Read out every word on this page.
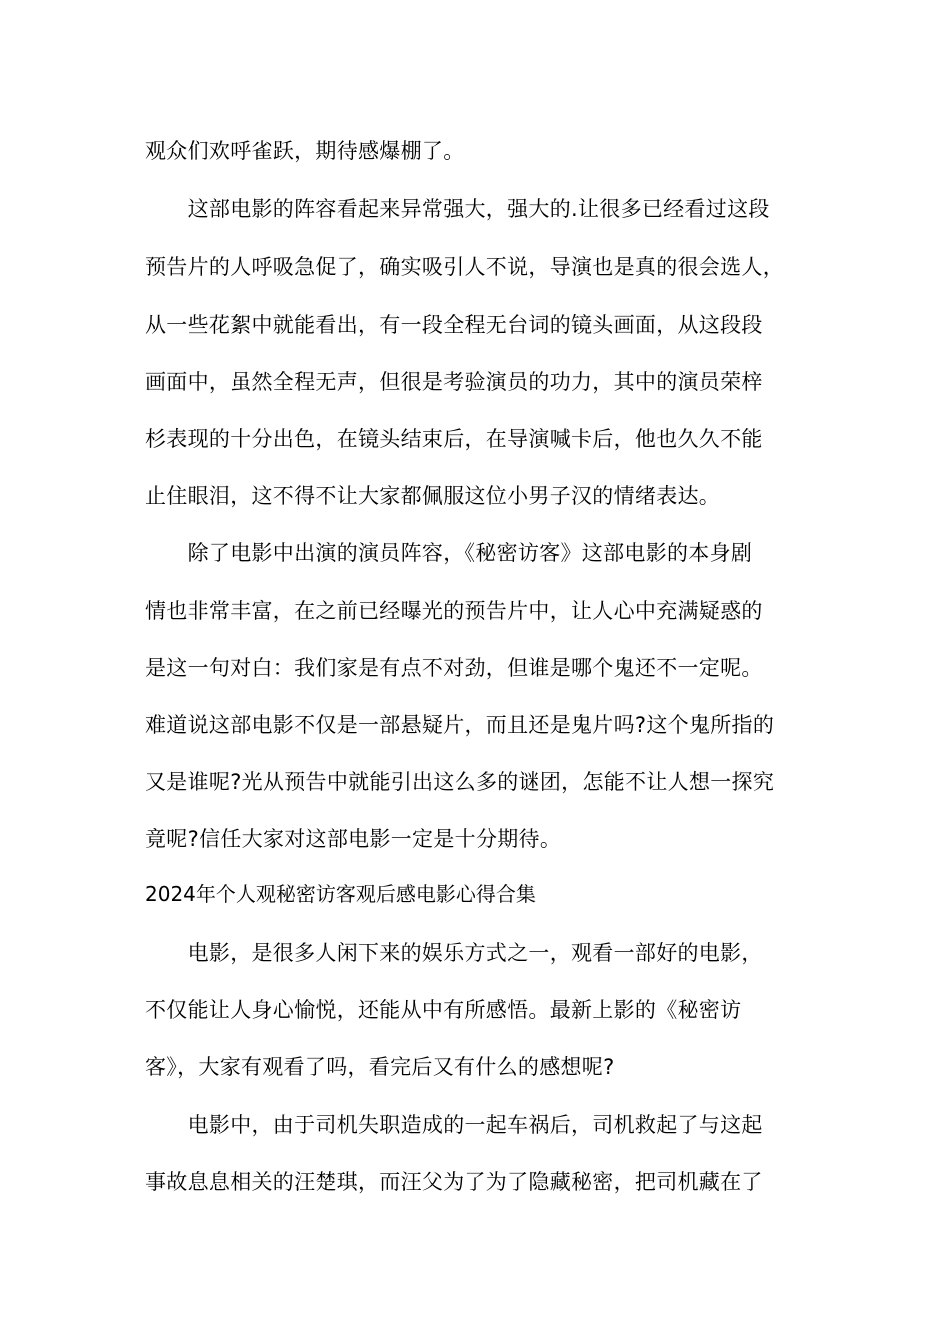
观众们欢呼雀跃，期待感爆棚了。
　　这部电影的阵容看起来异常强大，强大的.让很多已经看过这段
预告片的人呼吸急促了，确实吸引人不说，导演也是真的很会选人，
从一些花絮中就能看出，有一段全程无台词的镜头画面，从这段段
画面中，虽然全程无声，但很是考验演员的功力，其中的演员荣梓
杉表现的十分出色，在镜头结束后，在导演喊卡后，他也久久不能
止住眼泪，这不得不让大家都佩服这位小男子汉的情绪表达。
　　除了电影中出演的演员阵容，《秘密访客》这部电影的本身剧
情也非常丰富，在之前已经曝光的预告片中，让人心中充满疑惑的
是这一句对白：我们家是有点不对劲，但谁是哪个鬼还不一定呢。
难道说这部电影不仅是一部悬疑片，而且还是鬼片吗?这个鬼所指的
又是谁呢?光从预告中就能引出这么多的谜团，怎能不让人想一探究
竟呢?信任大家对这部电影一定是十分期待。
2024年个人观秘密访客观后感电影心得合集
　　电影，是很多人闲下来的娱乐方式之一，观看一部好的电影，
不仅能让人身心愉悦，还能从中有所感悟。最新上影的《秘密访
客》，大家有观看了吗，看完后又有什么的感想呢?
　　电影中，由于司机失职造成的一起车祸后，司机救起了与这起
事故息息相关的汪楚琪，而汪父为了为了隐藏秘密，把司机藏在了
